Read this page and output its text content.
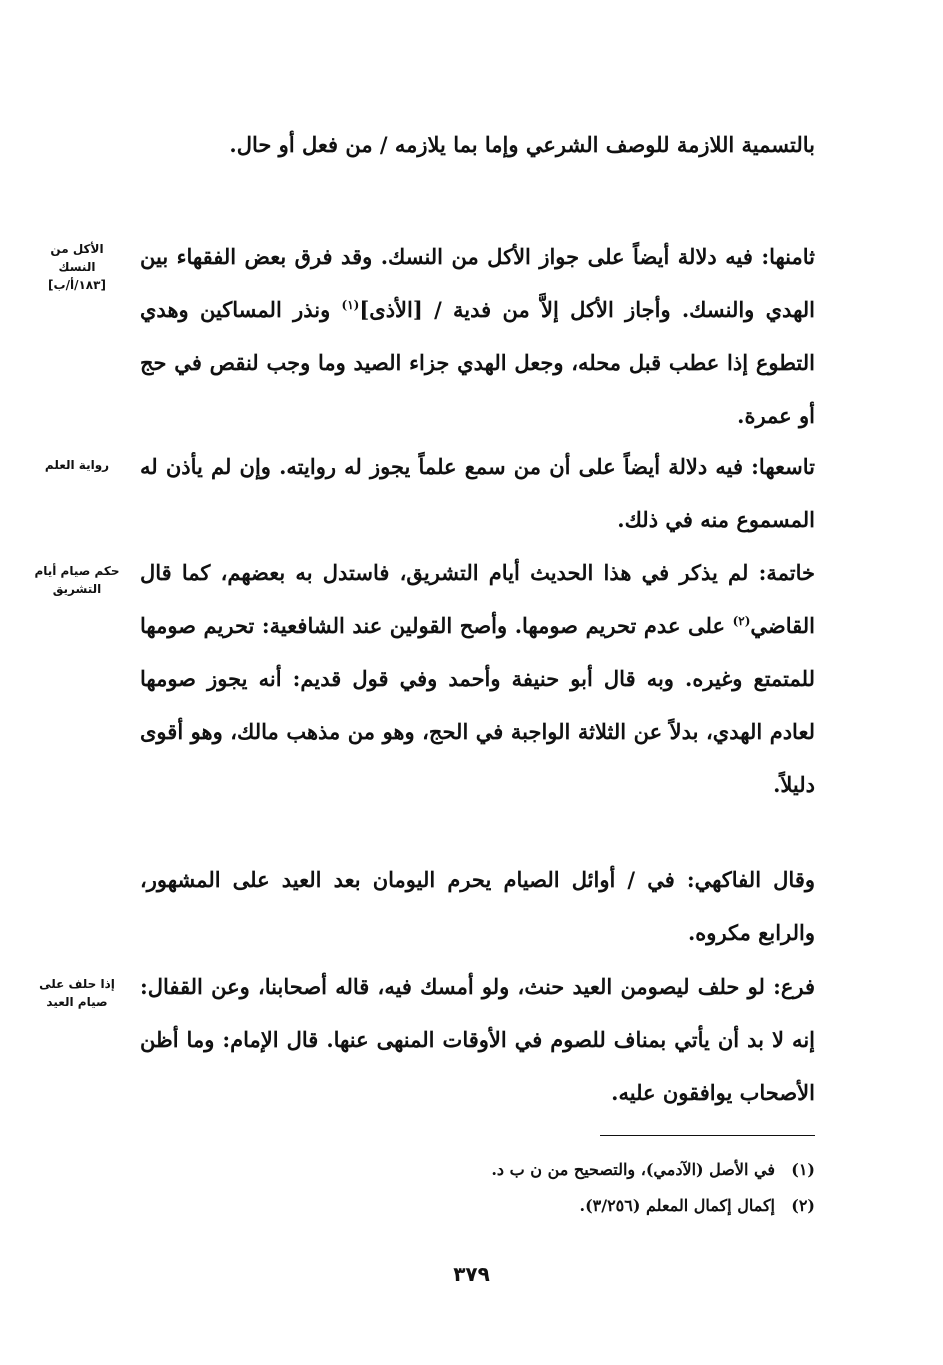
بالتسمية اللازمة للوصف الشرعي وإما بما يلازمه / من فعل أو حال.

ثامنها: فيه دلالة أيضاً على جواز الأكل من النسك. وقد فرق بعض الفقهاء بين الهدي والنسك. وأجاز الأكل إلاَّ من فدية / [الأذى]$^{(١)}$ ونذر المساكين وهدي التطوع إذا عطب قبل محله، وجعل الهدي جزاء الصيد وما وجب لنقص في حج أو عمرة.

تاسعها: فيه دلالة أيضاً على أن من سمع علماً يجوز له روايته. وإن لم يأذن له المسموع منه في ذلك.

خاتمة: لم يذكر في هذا الحديث أيام التشريق، فاستدل به بعضهم، كما قال القاضي$^{(٢)}$ على عدم تحريم صومها. وأصح القولين عند الشافعية: تحريم صومها للمتمتع وغيره. وبه قال أبو حنيفة وأحمد وفي قول قديم: أنه يجوز صومها لعادم الهدي، بدلاً عن الثلاثة الواجبة في الحج، وهو من مذهب مالك، وهو أقوى دليلاً.

وقال الفاكهي: في / أوائل الصيام يحرم اليومان بعد العيد على المشهور، والرابع مكروه.

فرع: لو حلف ليصومن العيد حنث، ولو أمسك فيه، قاله أصحابنا، وعن القفال: إنه لا بد أن يأتي بمناف للصوم في الأوقات المنهى عنها. قال الإمام: وما أظن الأصحاب يوافقون عليه.

الأكل من
النسك
[١٨٣/أ/ب]
رواية العلم
حكم صيام أيام
التشريق
إذا حلف على
صيام العيد
(١)في الأصل (الآدمي)، والتصحيح من ن ب د.
(٢)إكمال إكمال المعلم (٣/٢٥٦).
٣٧٩
